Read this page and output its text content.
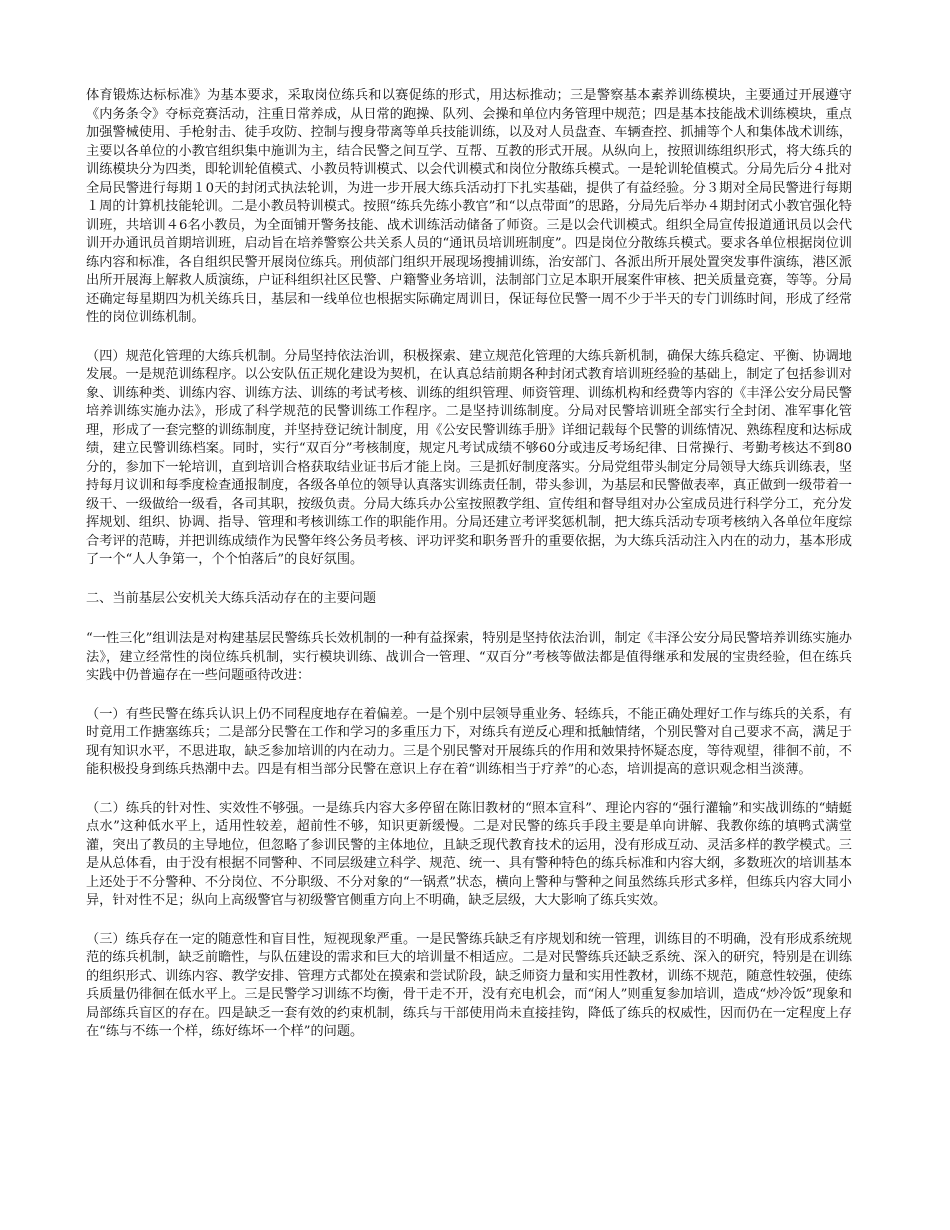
体育锻炼达标标准》为基本要求，采取岗位练兵和以赛促练的形式，用达标推动；三是警察基本素养训练模块，主要通过开展遵守《内务条令》夺标竞赛活动，注重日常养成，从日常的跑操、队列、会操和单位内务管理中规范；四是基本技能战术训练模块，重点加强警械使用、手枪射击、徒手攻防、控制与搜身带离等单兵技能训练，以及对人员盘查、车辆查控、抓捕等个人和集体战术训练，主要以各单位的小教官组织集中施训为主，结合民警之间互学、互帮、互教的形式开展。从纵向上，按照训练组织形式，将大练兵的训练模块分为四类，即轮训轮值模式、小教员特训模式、以会代训模式和岗位分散练兵模式。一是轮训轮值模式。分局先后分４批对全局民警进行每期１0天的封闭式执法轮训，为进一步开展大练兵活动打下扎实基础，提供了有益经验。分３期对全局民警进行每期１周的计算机技能轮训。二是小教员特训模式。按照“练兵先练小教官”和“以点带面”的思路，分局先后举办４期封闭式小教官强化特训班，共培训４6名小教员，为全面铺开警务技能、战术训练活动储备了师资。三是以会代训模式。组织全局宣传报道通讯员以会代训开办通讯员首期培训班，启动旨在培养警察公共关系人员的“通讯员培训班制度”。四是岗位分散练兵模式。要求各单位根据岗位训练内容和标准，各自组织民警开展岗位练兵。刑侦部门组织开展现场搜捕训练，治安部门、各派出所开展处置突发事件演练，港区派出所开展海上解救人质演练，户证科组织社区民警、户籍警业务培训，法制部门立足本职开展案件审核、把关质量竞赛，等等。分局还确定每星期四为机关练兵日，基层和一线单位也根据实际确定周训日，保证每位民警一周不少于半天的专门训练时间，形成了经常性的岗位训练机制。

（四）规范化管理的大练兵机制。分局坚持依法治训，积极探索、建立规范化管理的大练兵新机制，确保大练兵稳定、平衡、协调地发展。一是规范训练程序。以公安队伍正规化建设为契机，在认真总结前期各种封闭式教育培训班经验的基础上，制定了包括参训对象、训练种类、训练内容、训练方法、训练的考试考核、训练的组织管理、师资管理、训练机构和经费等内容的《丰泽公安分局民警培养训练实施办法》，形成了科学规范的民警训练工作程序。二是坚持训练制度。分局对民警培训班全部实行全封闭、准军事化管理，形成了一套完整的训练制度，并坚持登记统计制度，用《公安民警训练手册》详细记载每个民警的训练情况、熟练程度和达标成绩，建立民警训练档案。同时，实行“双百分”考核制度，规定凡考试成绩不够60分或违反考场纪律、日常操行、考勤考核达不到80分的，参加下一轮培训，直到培训合格获取结业证书后才能上岗。三是抓好制度落实。分局党组带头制定分局领导大练兵训练表，坚持每月议训和每季度检查通报制度，各级各单位的领导认真落实训练责任制，带头参训，为基层和民警做表率，真正做到一级带着一级干、一级做给一级看，各司其职，按级负责。分局大练兵办公室按照教学组、宣传组和督导组对办公室成员进行科学分工，充分发挥规划、组织、协调、指导、管理和考核训练工作的职能作用。分局还建立考评奖惩机制，把大练兵活动专项考核纳入各单位年度综合考评的范畴，并把训练成绩作为民警年终公务员考核、评功评奖和职务晋升的重要依据，为大练兵活动注入内在的动力，基本形成了一个“人人争第一，个个怕落后”的良好氛围。

二、当前基层公安机关大练兵活动存在的主要问题

“一性三化”组训法是对构建基层民警练兵长效机制的一种有益探索，特别是坚持依法治训，制定《丰泽公安分局民警培养训练实施办法》，建立经常性的岗位练兵机制，实行模块训练、战训合一管理、“双百分”考核等做法都是值得继承和发展的宝贵经验，但在练兵实践中仍普遍存在一些问题亟待改进：

（一）有些民警在练兵认识上仍不同程度地存在着偏差。一是个别中层领导重业务、轻练兵，不能正确处理好工作与练兵的关系，有时竟用工作搪塞练兵；二是部分民警在工作和学习的多重压力下，对练兵有逆反心理和抵触情绪，个别民警对自己要求不高，满足于现有知识水平，不思进取，缺乏参加培训的内在动力。三是个别民警对开展练兵的作用和效果持怀疑态度，等待观望，徘徊不前，不能积极投身到练兵热潮中去。四是有相当部分民警在意识上存在着“训练相当于疗养”的心态，培训提高的意识观念相当淡薄。

（二）练兵的针对性、实效性不够强。一是练兵内容大多停留在陈旧教材的“照本宣科”、理论内容的“强行灌输”和实战训练的“蜻蜓点水”这种低水平上，适用性较差，超前性不够，知识更新缓慢。二是对民警的练兵手段主要是单向讲解、我教你练的填鸭式满堂灌，突出了教员的主导地位，但忽略了参训民警的主体地位，且缺乏现代教育技术的运用，没有形成互动、灵活多样的教学模式。三是从总体看，由于没有根据不同警种、不同层级建立科学、规范、统一、具有警种特色的练兵标准和内容大纲，多数班次的培训基本上还处于不分警种、不分岗位、不分职级、不分对象的“一锅煮”状态，横向上警种与警种之间虽然练兵形式多样，但练兵内容大同小异，针对性不足；纵向上高级警官与初级警官侧重方向上不明确，缺乏层级，大大影响了练兵实效。

（三）练兵存在一定的随意性和盲目性，短视现象严重。一是民警练兵缺乏有序规划和统一管理，训练目的不明确，没有形成系统规范的练兵机制，缺乏前瞻性，与队伍建设的需求和巨大的培训量不相适应。二是对民警练兵还缺乏系统、深入的研究，特别是在训练的组织形式、训练内容、教学安排、管理方式都处在摸索和尝试阶段，缺乏师资力量和实用性教材，训练不规范，随意性较强，使练兵质量仍徘徊在低水平上。三是民警学习训练不均衡，骨干走不开，没有充电机会，而“闲人”则重复参加培训，造成“炒冷饭”现象和局部练兵盲区的存在。四是缺乏一套有效的约束机制，练兵与干部使用尚未直接挂钩，降低了练兵的权威性，因而仍在一定程度上存在“练与不练一个样，练好练坏一个样”的问题。
